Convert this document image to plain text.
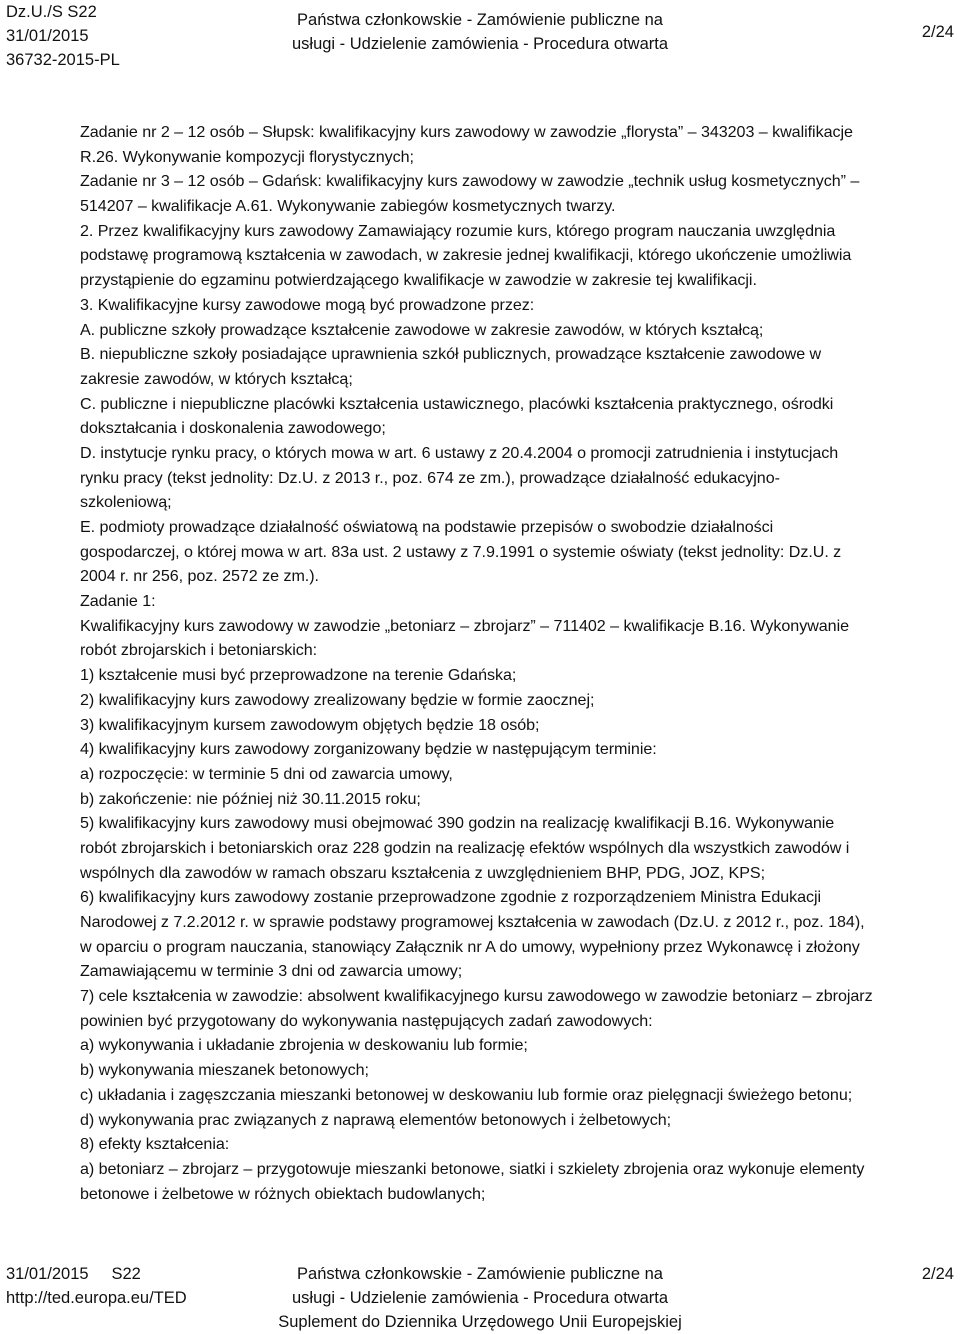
Dz.U./S S22
31/01/2015
36732-2015-PL
Państwa członkowskie - Zamówienie publiczne na
usługi - Udzielenie zamówienia - Procedura otwarta
2/24
Zadanie nr 2 – 12 osób – Słupsk: kwalifikacyjny kurs zawodowy w zawodzie „florysta” – 343203 – kwalifikacje
R.26. Wykonywanie kompozycji florystycznych;
Zadanie nr 3 – 12 osób – Gdańsk: kwalifikacyjny kurs zawodowy w zawodzie „technik usług kosmetycznych” –
514207 – kwalifikacje A.61. Wykonywanie zabiegów kosmetycznych twarzy.
2. Przez kwalifikacyjny kurs zawodowy Zamawiający rozumie kurs, którego program nauczania uwzględnia
podstawę programową kształcenia w zawodach, w zakresie jednej kwalifikacji, którego ukończenie umożliwia
przystąpienie do egzaminu potwierdzającego kwalifikacje w zawodzie w zakresie tej kwalifikacji.
3. Kwalifikacyjne kursy zawodowe mogą być prowadzone przez:
A. publiczne szkoły prowadzące kształcenie zawodowe w zakresie zawodów, w których kształcą;
B. niepubliczne szkoły posiadające uprawnienia szkół publicznych, prowadzące kształcenie zawodowe w
zakresie zawodów, w których kształcą;
C. publiczne i niepubliczne placówki kształcenia ustawicznego, placówki kształcenia praktycznego, ośrodki
dokształcania i doskonalenia zawodowego;
D. instytucje rynku pracy, o których mowa w art. 6 ustawy z 20.4.2004 o promocji zatrudnienia i instytucjach
rynku pracy (tekst jednolity: Dz.U. z 2013 r., poz. 674 ze zm.), prowadzące działalność edukacyjno-
szkoleniową;
E. podmioty prowadzące działalność oświatową na podstawie przepisów o swobodzie działalności
gospodarczej, o której mowa w art. 83a ust. 2 ustawy z 7.9.1991 o systemie oświaty (tekst jednolity: Dz.U. z
2004 r. nr 256, poz. 2572 ze zm.).
Zadanie 1:
Kwalifikacyjny kurs zawodowy w zawodzie „betoniarz – zbrojarz” – 711402 – kwalifikacje B.16. Wykonywanie
robót zbrojarskich i betoniarskich:
1) kształcenie musi być przeprowadzone na terenie Gdańska;
2) kwalifikacyjny kurs zawodowy zrealizowany będzie w formie zaocznej;
3) kwalifikacyjnym kursem zawodowym objętych będzie 18 osób;
4) kwalifikacyjny kurs zawodowy zorganizowany będzie w następującym terminie:
a) rozpoczęcie: w terminie 5 dni od zawarcia umowy,
b) zakończenie: nie później niż 30.11.2015 roku;
5) kwalifikacyjny kurs zawodowy musi obejmować 390 godzin na realizację kwalifikacji B.16. Wykonywanie
robót zbrojarskich i betoniarskich oraz 228 godzin na realizację efektów wspólnych dla wszystkich zawodów i
wspólnych dla zawodów w ramach obszaru kształcenia z uwzględnieniem BHP, PDG, JOZ, KPS;
6) kwalifikacyjny kurs zawodowy zostanie przeprowadzone zgodnie z rozporządzeniem Ministra Edukacji
Narodowej z 7.2.2012 r. w sprawie podstawy programowej kształcenia w zawodach (Dz.U. z 2012 r., poz. 184),
w oparciu o program nauczania, stanowiący Załącznik nr A do umowy, wypełniony przez Wykonawcę i złożony
Zamawiającemu w terminie 3 dni od zawarcia umowy;
7) cele kształcenia w zawodzie: absolwent kwalifikacyjnego kursu zawodowego w zawodzie betoniarz – zbrojarz
powinien być przygotowany do wykonywania następujących zadań zawodowych:
a) wykonywania i układanie zbrojenia w deskowaniu lub formie;
b) wykonywania mieszanek betonowych;
c) układania i zagęszczania mieszanki betonowej w deskowaniu lub formie oraz pielęgnacji świeżego betonu;
d) wykonywania prac związanych z naprawą elementów betonowych i żelbetowych;
8) efekty kształcenia:
a) betoniarz – zbrojarz – przygotowuje mieszanki betonowe, siatki i szkielety zbrojenia oraz wykonuje elementy
betonowe i żelbetowe w różnych obiektach budowlanych;
31/01/2015     S22
http://ted.europa.eu/TED
Państwa członkowskie - Zamówienie publiczne na
usługi - Udzielenie zamówienia - Procedura otwarta
Suplement do Dziennika Urzędowego Unii Europejskiej
2/24
